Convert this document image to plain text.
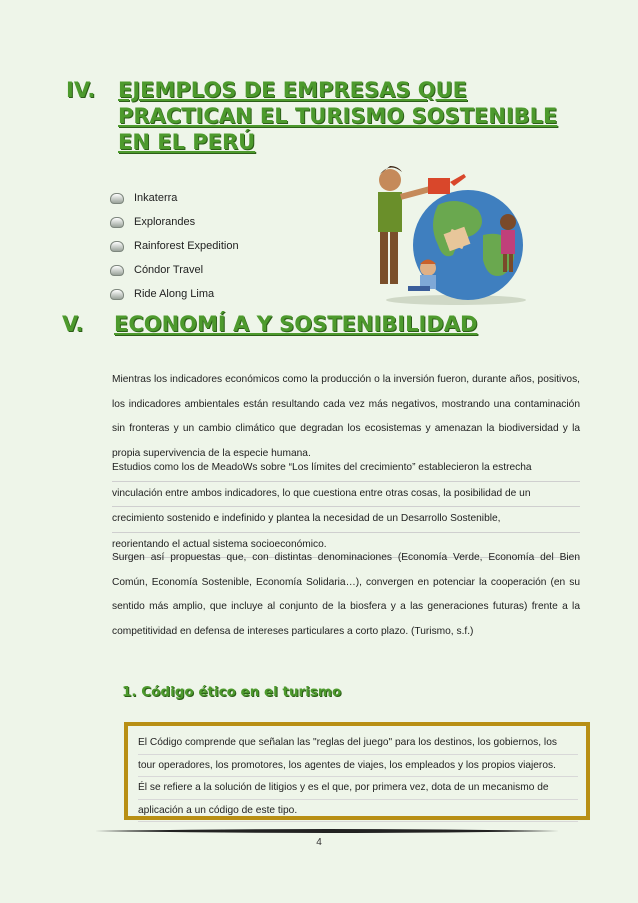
IV. EJEMPLOS DE EMPRESAS QUE
PRACTICAN EL TURISMO SOSTENIBLE
EN EL PERÚ
Inkaterra
Explorandes
Rainforest Expedition
Cóndor Travel
Ride Along Lima
V. ECONOMÍ A Y SOSTENIBILIDAD
Mientras los indicadores económicos como la producción o la inversión fueron, durante años, positivos, los indicadores ambientales están resultando cada vez más negativos, mostrando una contaminación sin fronteras y un cambio climático que degradan los ecosistemas y amenazan la biodiversidad y la propia supervivencia de la especie humana.
Estudios como los de MeadoWs sobre “Los límites del crecimiento” establecieron la estrecha
vinculación entre ambos indicadores, lo que cuestiona entre otras cosas, la posibilidad de un
crecimiento sostenido e indefinido y plantea la necesidad de un Desarrollo Sostenible,
reorientando el actual sistema socioeconómico.
Surgen así propuestas que, con distintas denominaciones (Economía Verde, Economía del Bien Común, Economía Sostenible, Economía Solidaria…), convergen en potenciar la cooperación (en su sentido más amplio, que incluye al conjunto de la biosfera y a las generaciones futuras) frente a la competitividad en defensa de intereses particulares a corto plazo. (Turismo, s.f.)
1. Código ético en el turismo
El Código comprende que señalan las "reglas del juego" para los destinos, los gobiernos, los
tour operadores, los promotores, los agentes de viajes, los empleados y los propios viajeros.
Él se refiere a la solución de litigios y es el que, por primera vez, dota de un mecanismo de
aplicación a un código de este tipo.
4
